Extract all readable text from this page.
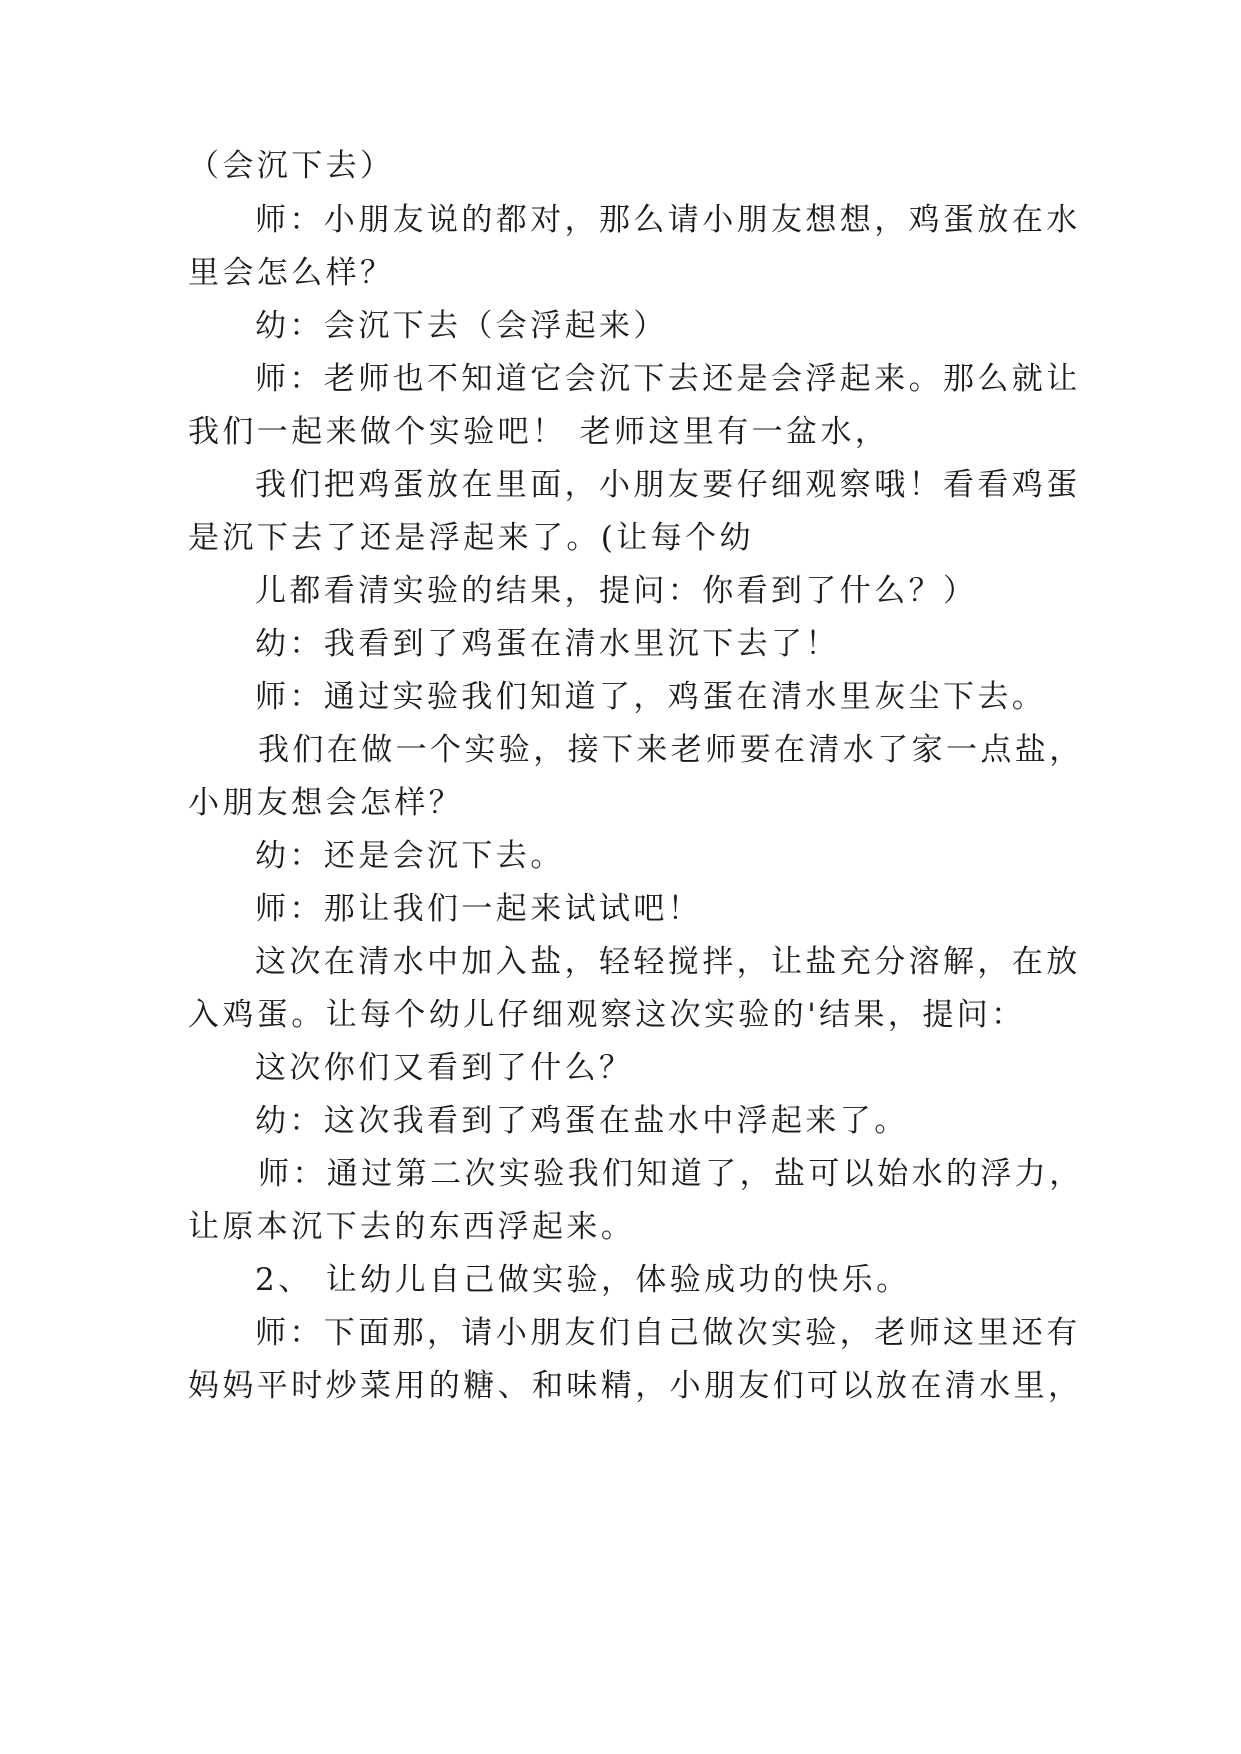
（会沉下去）

师：小朋友说的都对，那么请小朋友想想，鸡蛋放在水

里会怎么样？

幼：会沉下去（会浮起来）

师：老师也不知道它会沉下去还是会浮起来。那么就让

我们一起来做个实验吧！ 老师这里有一盆水，

我们把鸡蛋放在里面，小朋友要仔细观察哦！看看鸡蛋

是沉下去了还是浮起来了。(让每个幼

儿都看清实验的结果，提问：你看到了什么？）

幼：我看到了鸡蛋在清水里沉下去了！

师：通过实验我们知道了，鸡蛋在清水里灰尘下去。

我们在做一个实验，接下来老师要在清水了家一点盐，

小朋友想会怎样？

幼：还是会沉下去。

师：那让我们一起来试试吧！

这次在清水中加入盐，轻轻搅拌，让盐充分溶解，在放

入鸡蛋。让每个幼儿仔细观察这次实验的'结果，提问：

这次你们又看到了什么？

幼：这次我看到了鸡蛋在盐水中浮起来了。

师：通过第二次实验我们知道了，盐可以始水的浮力，

让原本沉下去的东西浮起来。

2、 让幼儿自己做实验，体验成功的快乐。

师：下面那，请小朋友们自己做次实验，老师这里还有

妈妈平时炒菜用的糖、和味精，小朋友们可以放在清水里，
